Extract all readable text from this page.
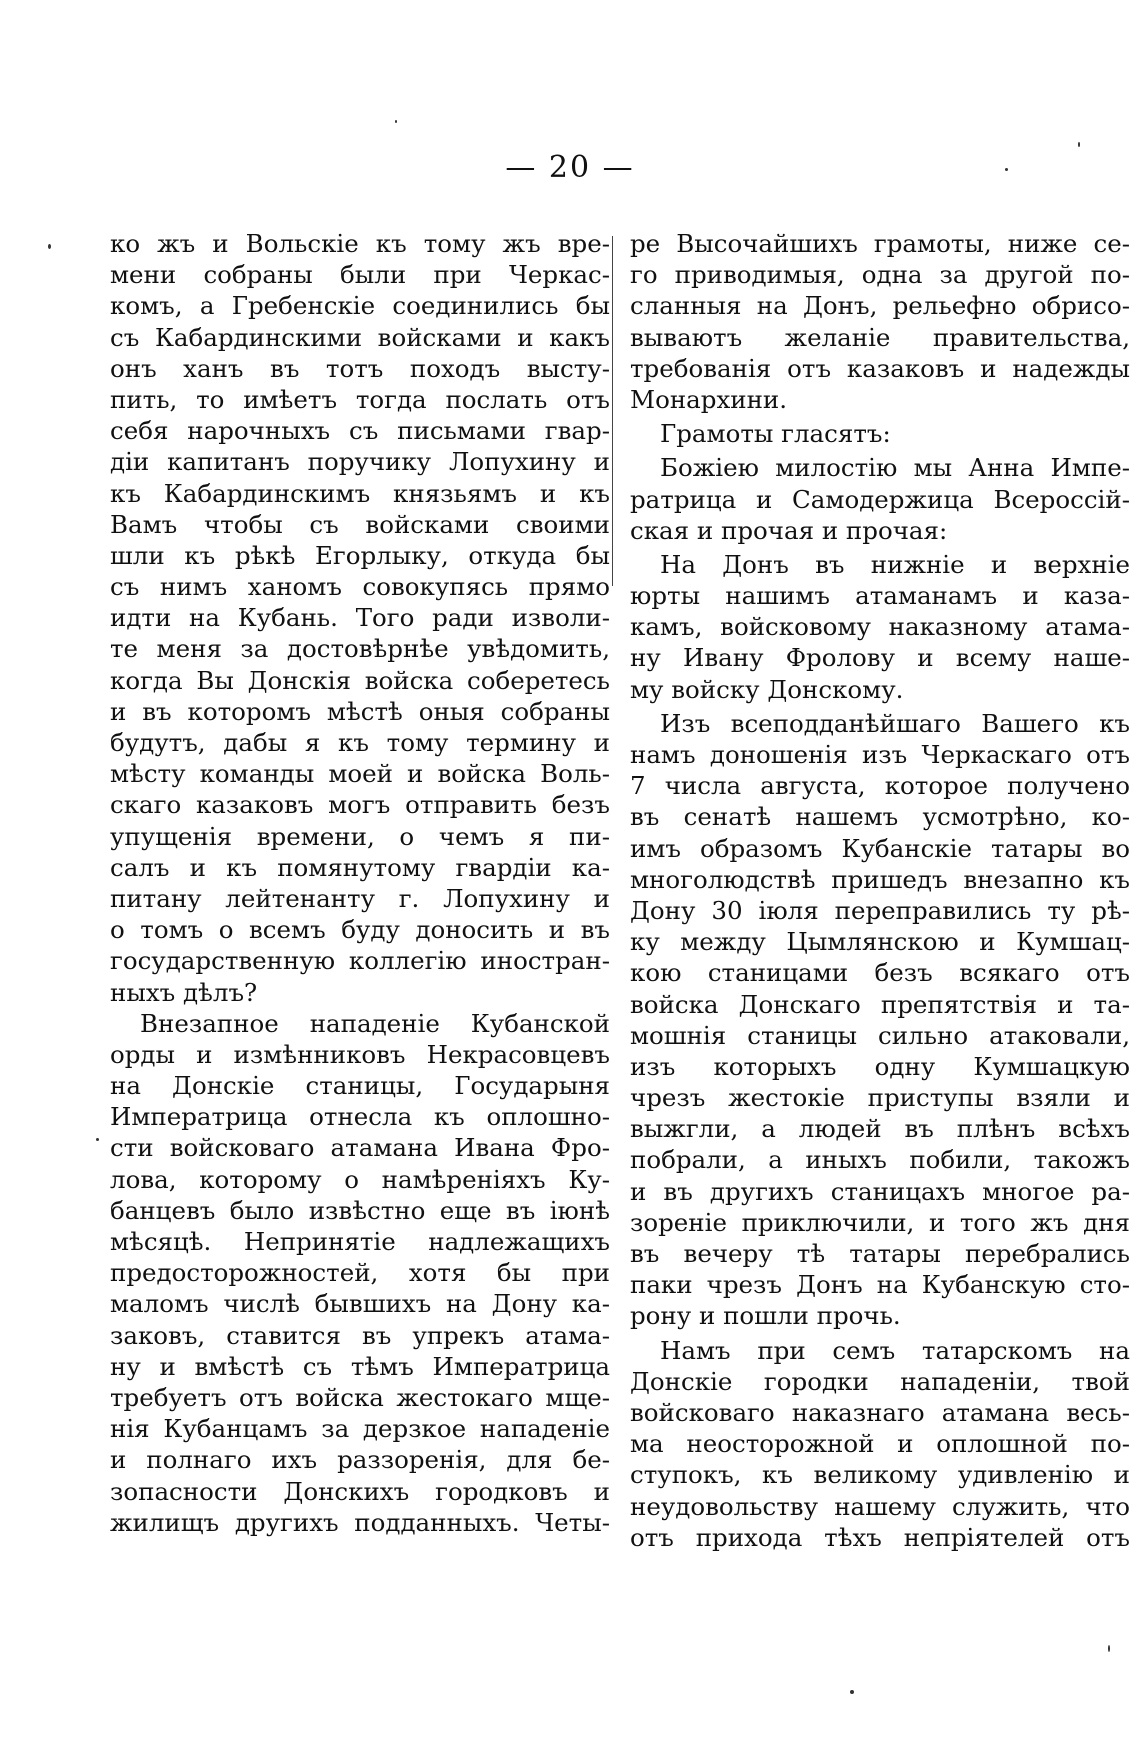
— 20 —
ко жъ и Вольскіе къ тому жъ вре-
мени собраны были при Черкас-
комъ, а Гребенскіе соединились бы
съ Кабардинскими войсками и какъ
онъ ханъ въ тотъ походъ высту-
пить, то имѣетъ тогда послать отъ
себя нарочныхъ съ письмами гвар-
діи капитанъ поручику Лопухину и
къ Кабардинскимъ князьямъ и къ
Вамъ чтобы съ войсками своими
шли къ рѣкѣ Егорлыку, откуда бы
съ нимъ ханомъ совокупясь прямо
идти на Кубань. Того ради изволи-
те меня за достовѣрнѣе увѣдомить,
когда Вы Донскія войска соберетесь
и въ которомъ мѣстѣ оныя собраны
будутъ, дабы я къ тому термину и
мѣсту команды моей и войска Воль-
скаго казаковъ могъ отправить безъ
упущенія времени, о чемъ я пи-
салъ и къ помянутому гвардіи ка-
питану лейтенанту г. Лопухину и
о томъ о всемъ буду доносить и въ
государственную коллегію иностран-
ныхъ дѣлъ?
Внезапное нападеніе Кубанской
орды и измѣнниковъ Некрасовцевъ
на Донскіе станицы, Государыня
Императрица отнесла къ оплошно-
сти войсковаго атамана Ивана Фро-
лова, которому о намѣреніяхъ Ку-
банцевъ было извѣстно еще въ іюнѣ
мѣсяцѣ. Непринятіе надлежащихъ
предосторожностей, хотя бы при
маломъ числѣ бывшихъ на Дону ка-
заковъ, ставится въ упрекъ атама-
ну и вмѣстѣ съ тѣмъ Императрица
требуетъ отъ войска жестокаго мще-
нія Кубанцамъ за дерзкое нападеніе
и полнаго ихъ раззоренія, для бе-
зопасности Донскихъ городковъ и
жилищъ другихъ подданныхъ. Четы-
ре Высочайшихъ грамоты, ниже се-
го приводимыя, одна за другой по-
сланныя на Донъ, рельефно обрисо-
вываютъ желаніе правительства,
требованія отъ казаковъ и надежды
Монархини.
Грамоты гласятъ:
Божіею милостію мы Анна Импе-
ратрица и Самодержица Всероссій-
ская и прочая и прочая:
На Донъ въ нижніе и верхніе
юрты нашимъ атаманамъ и каза-
камъ, войсковому наказному атама-
ну Ивану Фролову и всему нашe-
му войску Донскому.
Изъ всеподданѣйшаго Вашего къ
намъ доношенія изъ Черкаскаго отъ
7 числа августа, которое получено
въ сенатѣ нашемъ усмотрѣно, ко-
имъ образомъ Кубанскіе татары во
многолюдствѣ пришедъ внезапно къ
Дону 30 іюля переправились ту рѣ-
ку между Цымлянскою и Кумшац-
кою станицами безъ всякаго отъ
войска Донскаго препятствія и та-
мошнія станицы сильно атаковали,
изъ которыхъ одну Кумшацкую
чрезъ жестокіе приступы взяли и
выжгли, а людей въ плѣнъ всѣхъ
побрали, а иныхъ побили, такожъ
и въ другихъ станицахъ многое ра-
зореніе приключили, и того жъ дня
въ вечеру тѣ татары перебрались
паки чрезъ Донъ на Кубанскую сто-
рону и пошли прочь.
Намъ при семъ татарскомъ на
Донскіе городки нападеніи, твой
войсковаго наказнаго атамана весь-
ма неосторожной и оплошной по-
ступокъ, къ великому удивленію и
неудовольству нашему служить, что
отъ прихода тѣхъ непріятелей отъ
